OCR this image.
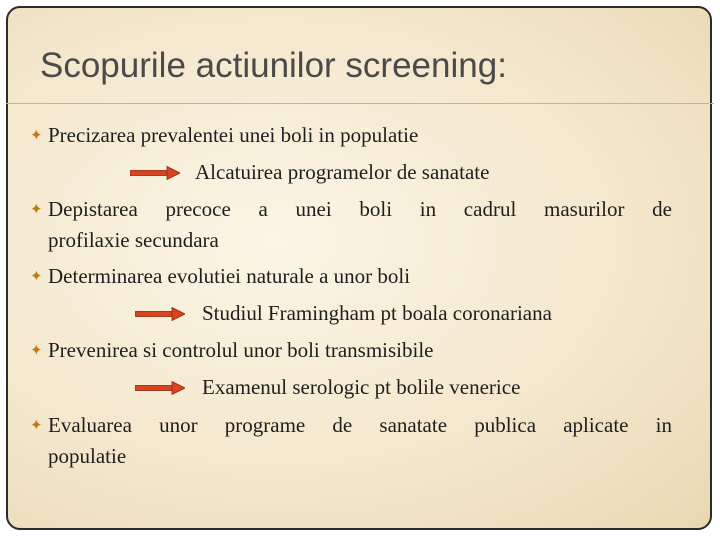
Scopurile actiunilor screening:
✦ Precizarea prevalentei unei boli in populatie
Alcatuirea programelor de sanatate
✦ Depistarea precoce a unei boli in cadrul masurilor de
profilaxie secundara
✦ Determinarea evolutiei naturale a unor boli
Studiul Framingham pt boala coronariana
✦ Prevenirea si controlul unor boli transmisibile
Examenul serologic pt bolile venerice
✦ Evaluarea unor programe de sanatate publica aplicate in
populatie
